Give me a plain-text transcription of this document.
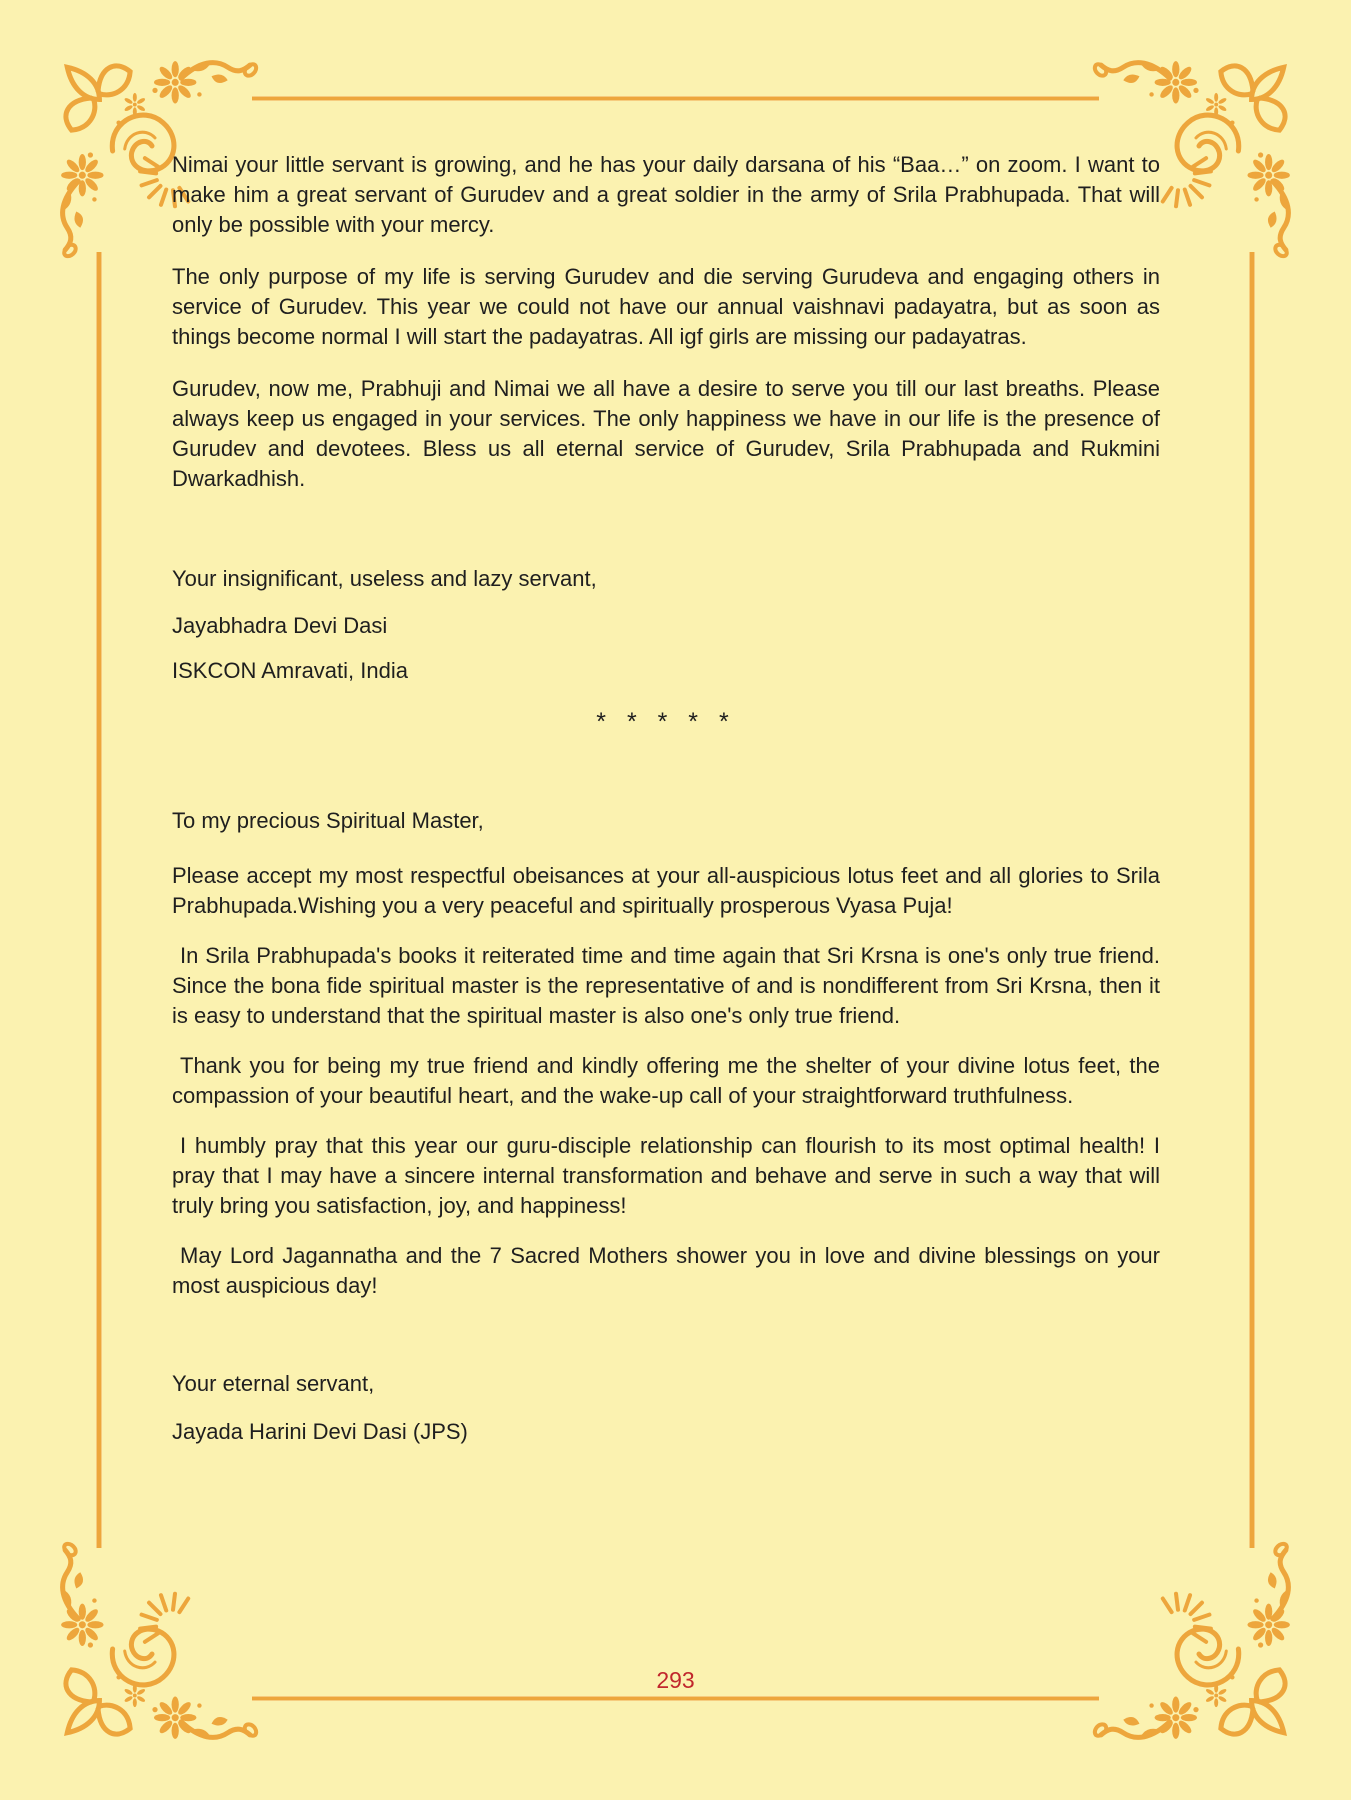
Nimai your little servant is growing, and he has your daily darsana of his “Baa…” on zoom. I want to make him a great servant of Gurudev and a great soldier in the army of Srila Prabhupada. That will only be possible with your mercy.

The only purpose of my life is serving Gurudev and die serving Gurudeva and engaging others in service of Gurudev. This year we could not have our annual vaishnavi padayatra, but as soon as things become normal I will start the padayatras. All igf girls are missing our padayatras.

Gurudev, now me, Prabhuji and Nimai we all have a desire to serve you till our last breaths. Please always keep us engaged in your services. The only happiness we have in our life is the presence of Gurudev and devotees. Bless us all eternal service of Gurudev, Srila Prabhupada and Rukmini Dwarkadhish.

Your insignificant, useless and lazy servant,

Jayabhadra Devi Dasi

ISKCON Amravati, India

* * * * *

To my precious Spiritual Master,

Please accept my most respectful obeisances at your all-auspicious lotus feet and all glories to Srila Prabhupada.Wishing you a very peaceful and spiritually prosperous Vyasa Puja!

In Srila Prabhupada's books it reiterated time and time again that Sri Krsna is one's only true friend. Since the bona fide spiritual master is the representative of and is nondifferent from Sri Krsna, then it is easy to understand that the spiritual master is also one's only true friend.

Thank you for being my true friend and kindly offering me the shelter of your divine lotus feet, the compassion of your beautiful heart, and the wake-up call of your straightforward truthfulness.

I humbly pray that this year our guru-disciple relationship can flourish to its most optimal health! I pray that I may have a sincere internal transformation and behave and serve in such a way that will truly bring you satisfaction, joy, and happiness!

May Lord Jagannatha and the 7 Sacred Mothers shower you in love and divine blessings on your most auspicious day!

Your eternal servant,

Jayada Harini Devi Dasi (JPS)

293
